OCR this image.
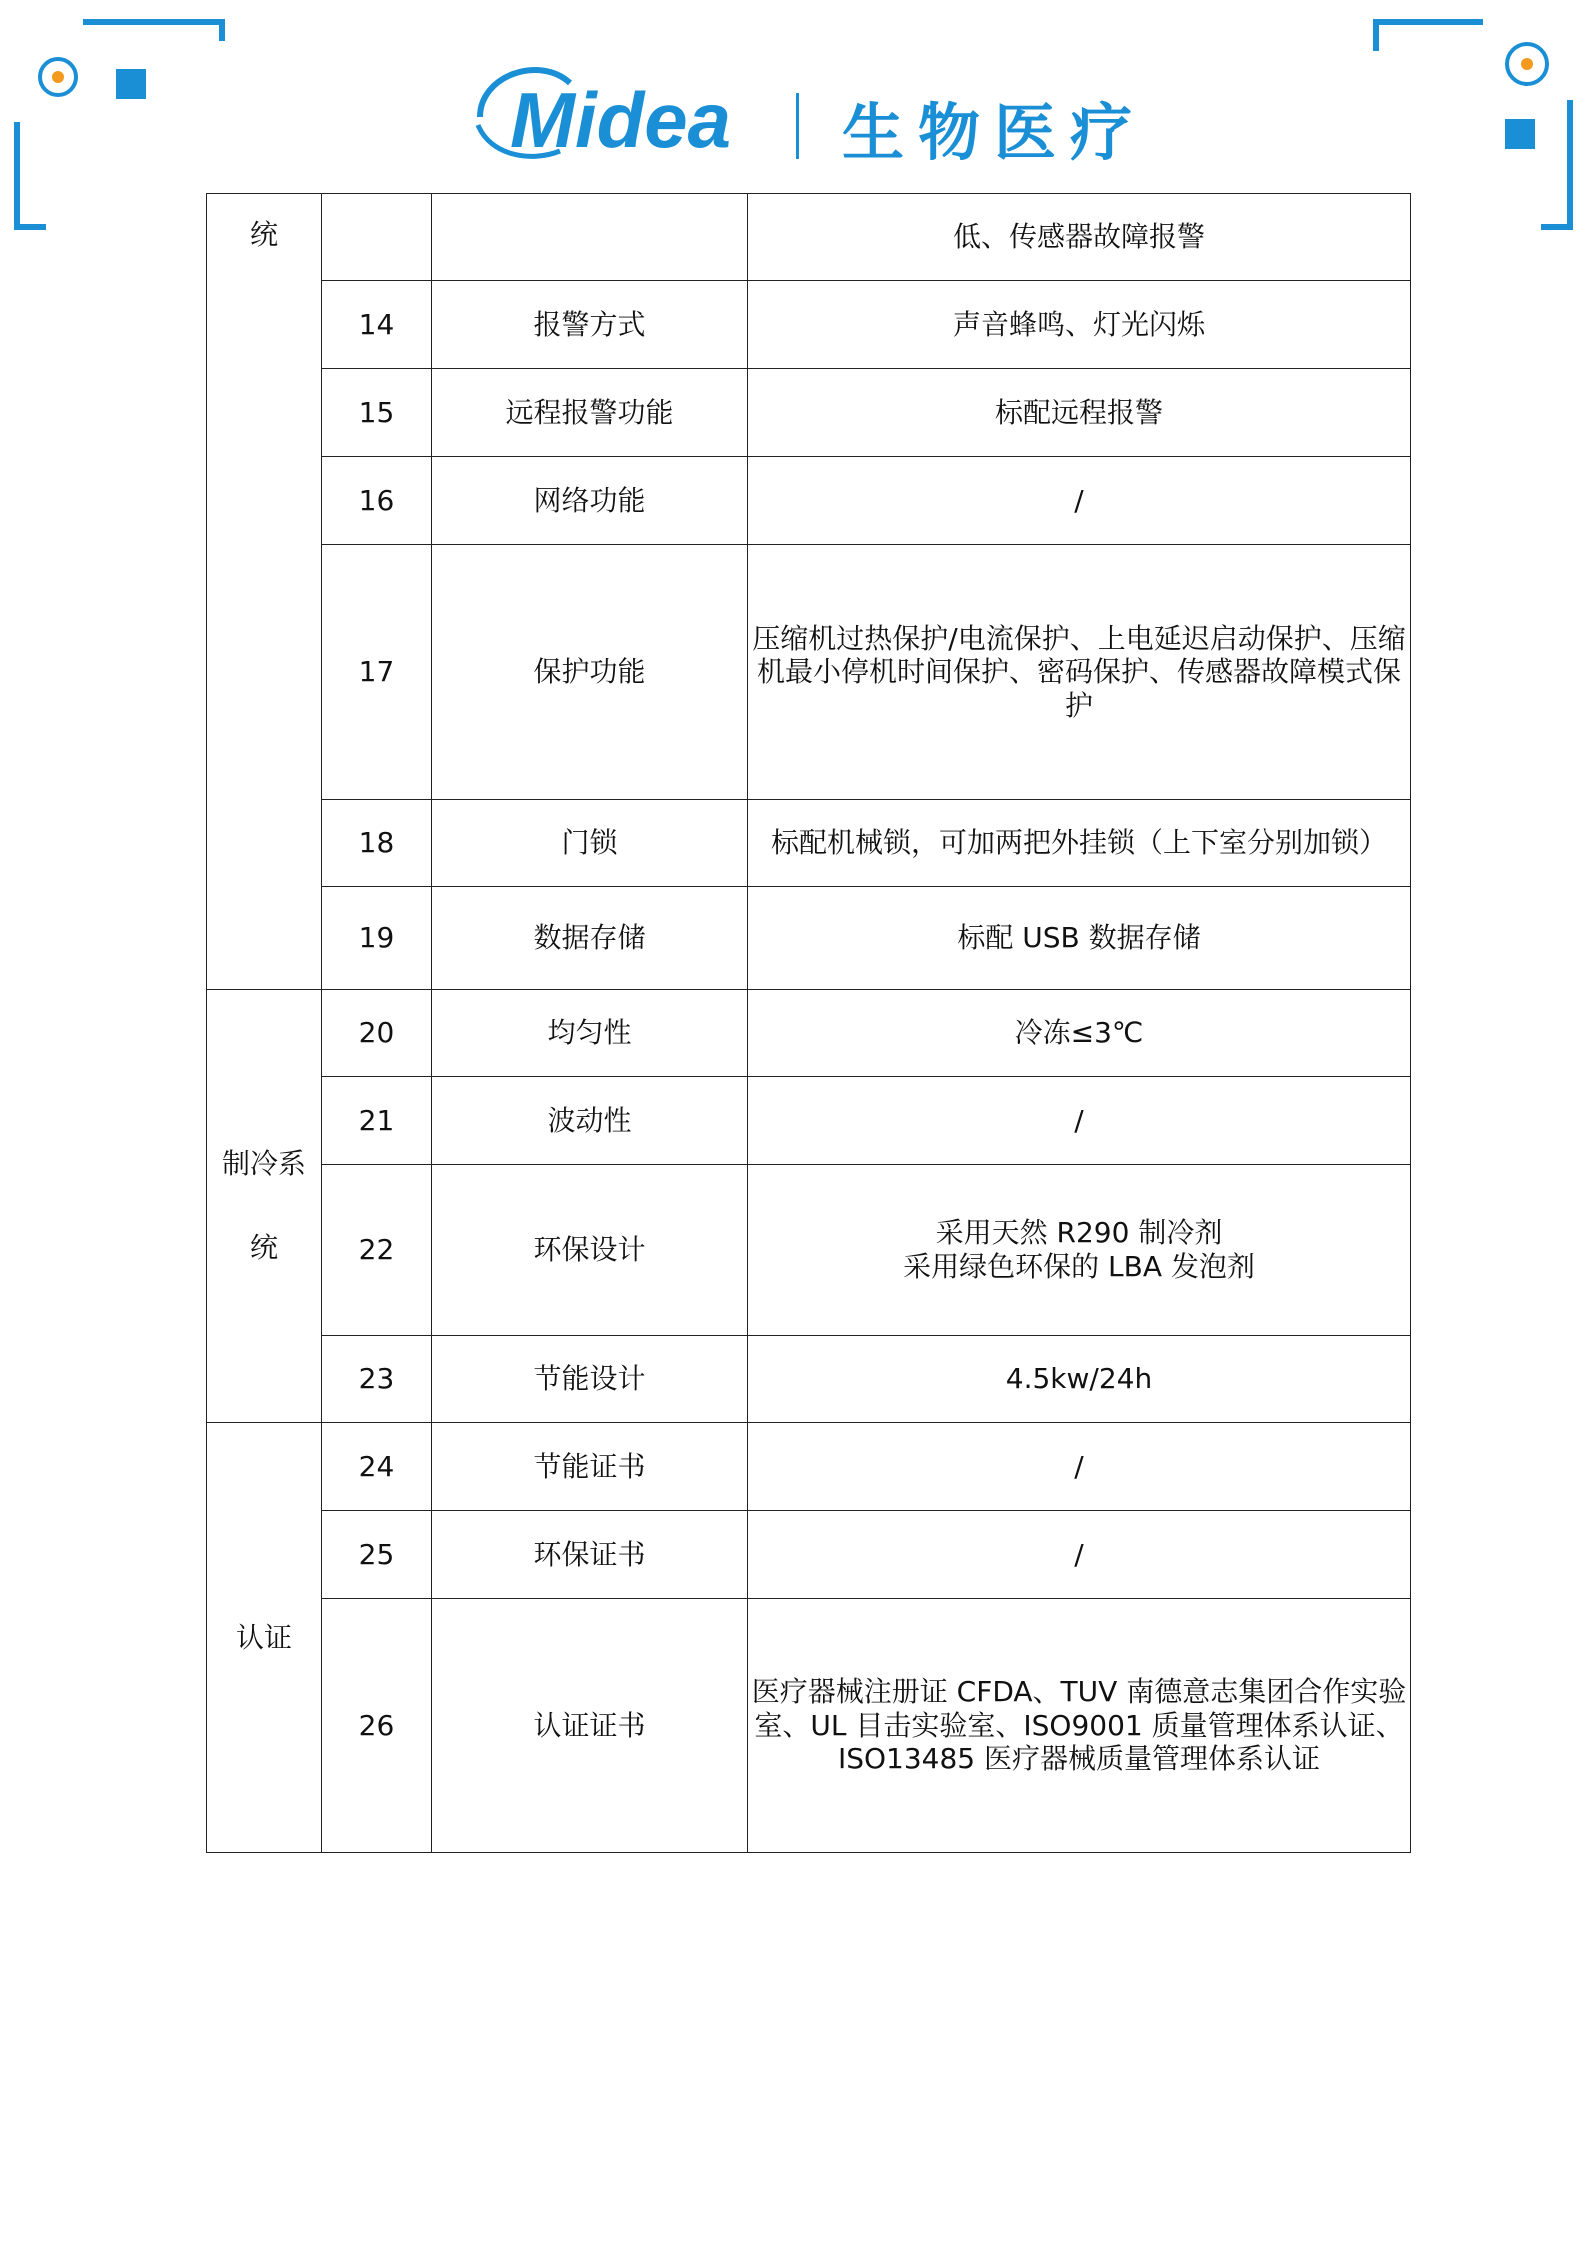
Midea 生物医疗
统			低、传感器故障报警
	14	报警方式	声音蜂鸣、灯光闪烁
	15	远程报警功能	标配远程报警
	16	网络功能	/
	17	保护功能	压缩机过热保护/电流保护、上电延迟启动保护、压缩
机最小停机时间保护、密码保护、传感器故障模式保
护

	18	门锁	标配机械锁，可加两把外挂锁（上下室分别加锁）
	19	数据存储	标配 USB 数据存储

制冷系
统	20	均匀性	冷冻≤3℃
	21	波动性	/
	22	环保设计	采用天然 R290 制冷剂
采用绿色环保的 LBA 发泡剂

	23	节能设计	4.5kw/24h
认证	24	节能证书	/
	25	环保证书	/
	26	认证证书	医疗器械注册证 CFDA、TUV 南德意志集团合作实验
室、UL 目击实验室、ISO9001 质量管理体系认证、
ISO13485 医疗器械质量管理体系认证
